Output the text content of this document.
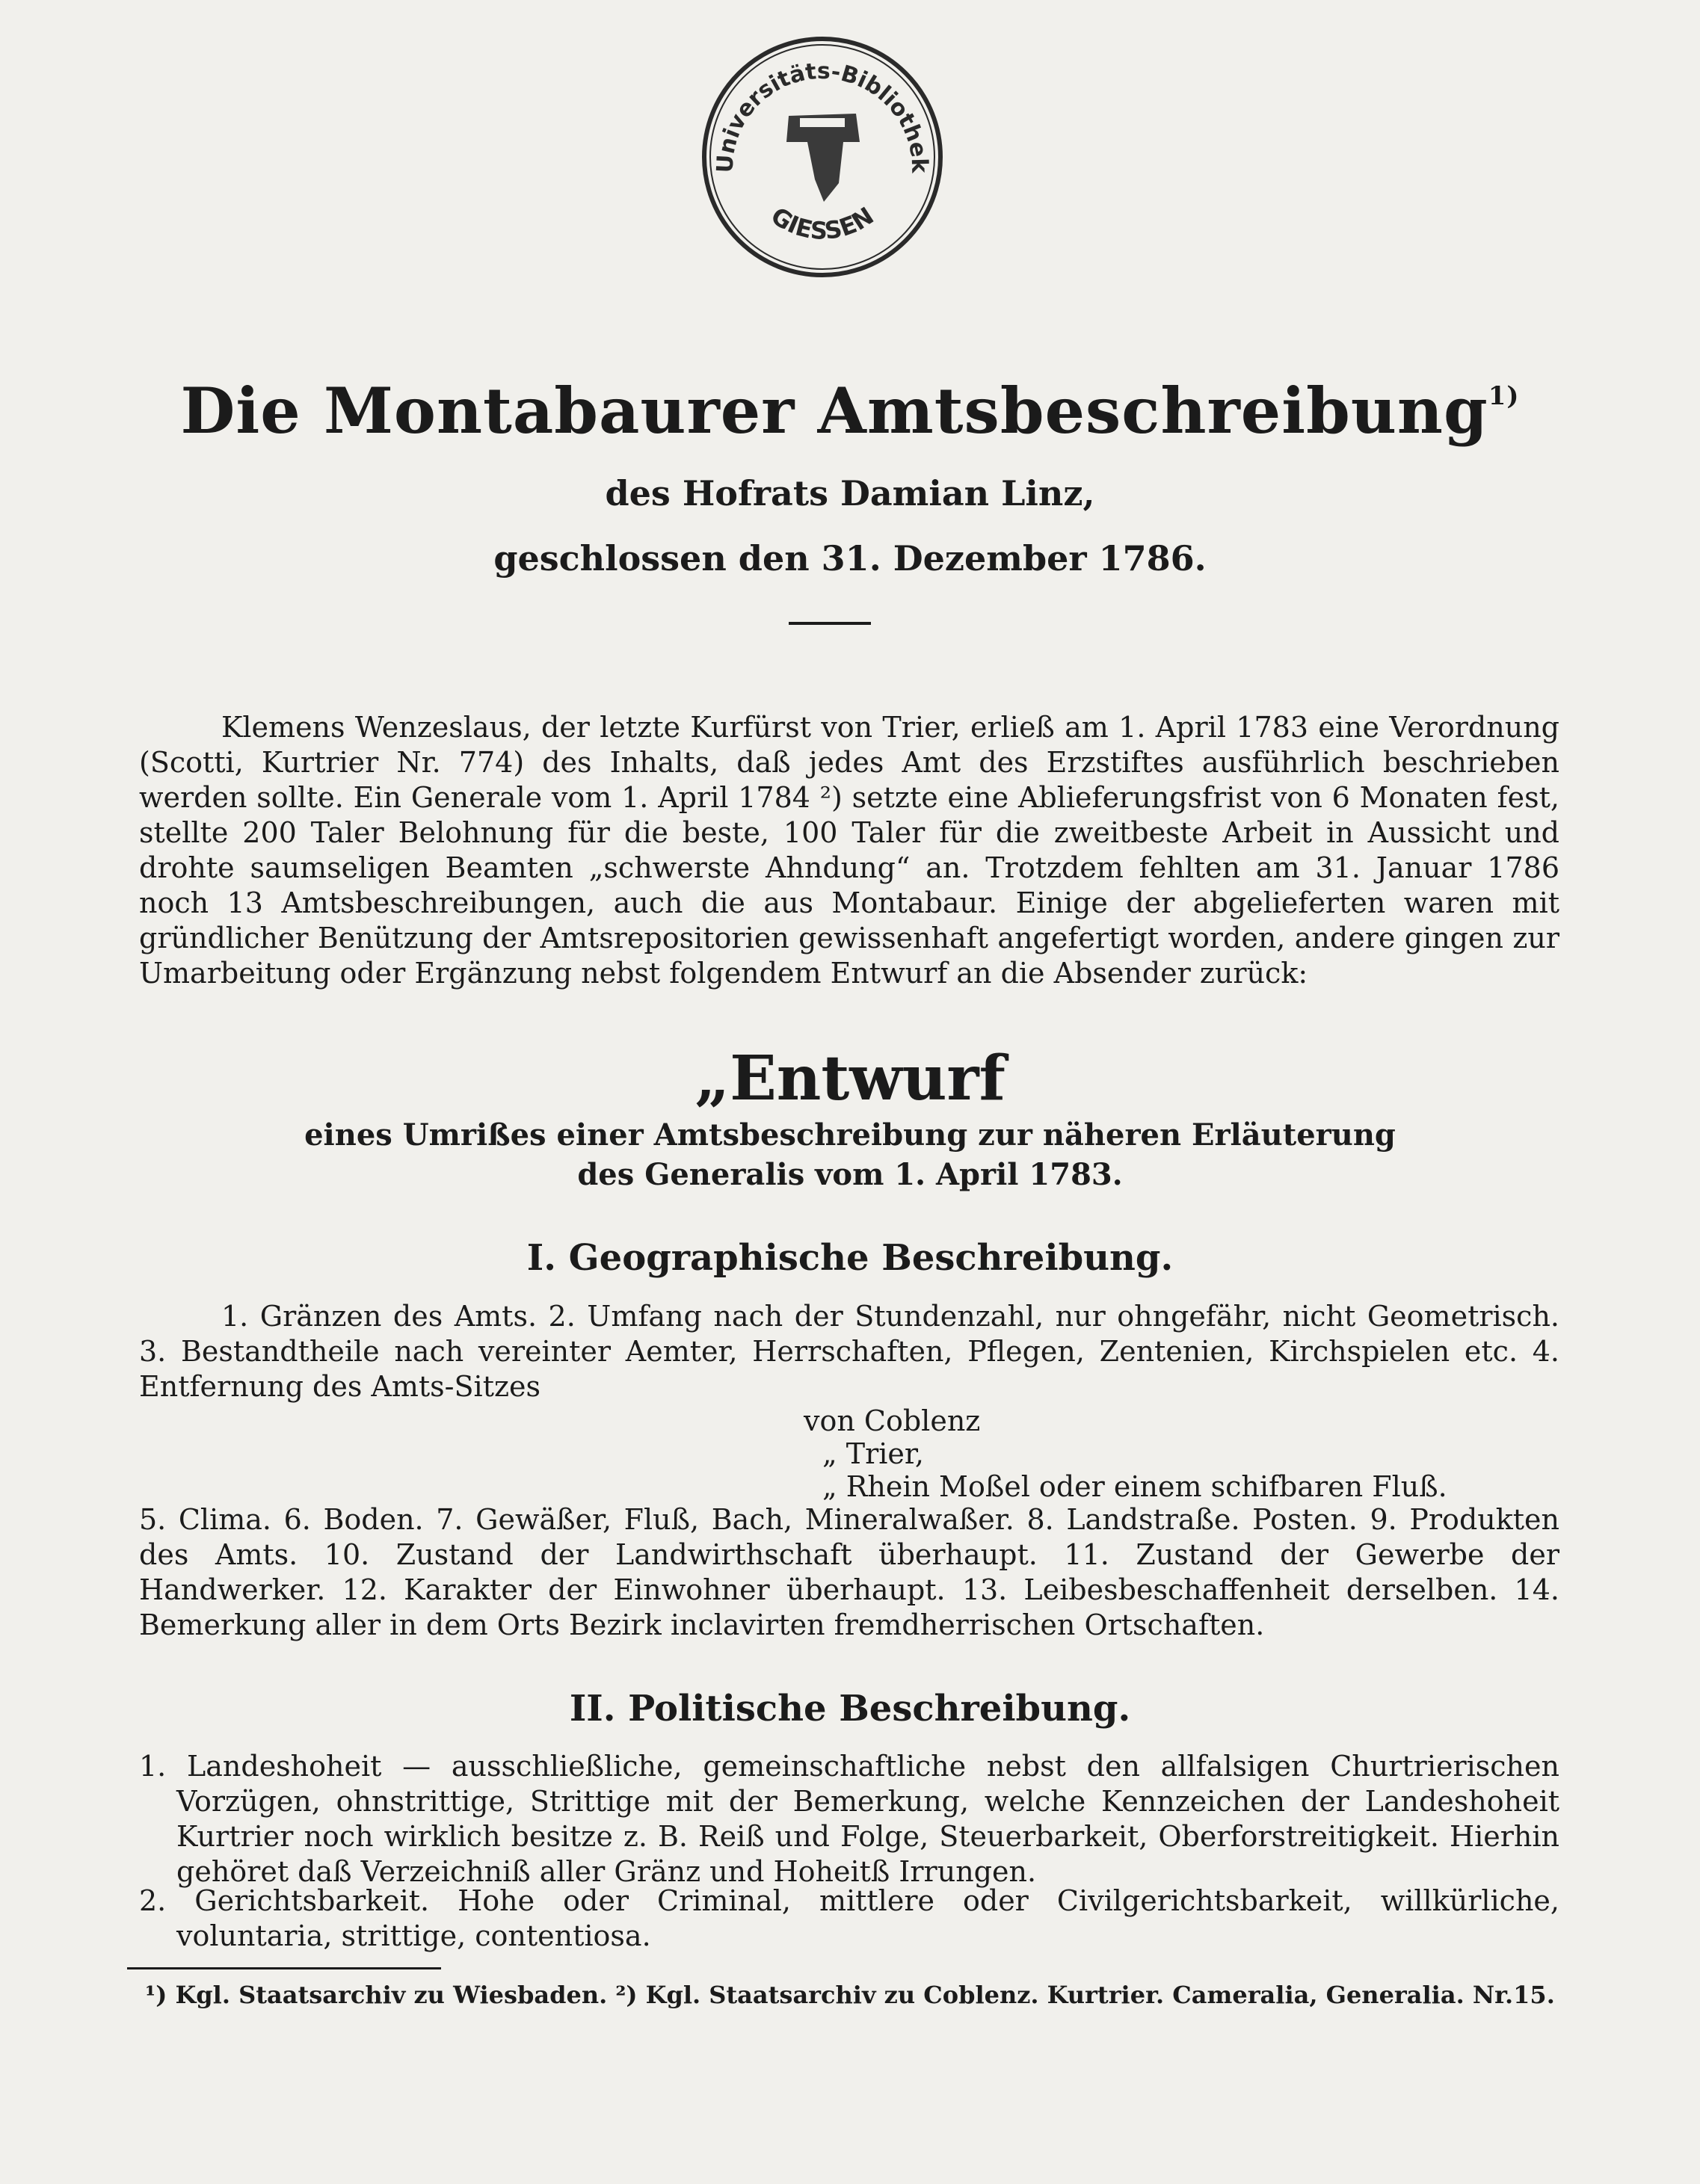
Universitäts-Bibliothek
GIESSEN
Die Montabaurer Amtsbeschreibung$^{1)}$
des Hofrats Damian Linz,
geschlossen den 31. Dezember 1786.

Klemens Wenzeslaus, der letzte Kurfürst von Trier, erließ am 1. April 1783 eine Verordnung (Scotti, Kurtrier Nr. 774) des Inhalts, daß jedes Amt des Erzstiftes ausführlich beschrieben werden sollte. Ein Generale vom 1. April 1784 ²) setzte eine Ablieferungsfrist von 6 Monaten fest, stellte 200 Taler Belohnung für die beste, 100 Taler für die zweitbeste Arbeit in Aussicht und drohte saumseligen Beamten „schwerste Ahndung“ an. Trotzdem fehlten am 31. Januar 1786 noch 13 Amtsbeschreibungen, auch die aus Montabaur. Einige der abgelieferten waren mit gründlicher Benützung der Amtsrepositorien gewissenhaft angefertigt worden, andere gingen zur Umarbeitung oder Ergänzung nebst folgendem Entwurf an die Absender zurück:

„Entwurf
eines Umrißes einer Amtsbeschreibung zur näheren Erläuterung
des Generalis vom 1. April 1783.
I. Geographische Beschreibung.

1. Gränzen des Amts. 2. Umfang nach der Stundenzahl, nur ohngefähr, nicht Geometrisch. 3. Bestandtheile nach vereinter Aemter, Herrschaften, Pflegen, Zentenien, Kirchspielen etc. 4. Entfernung des Amts-Sitzes

von Coblenz
„ Trier,
„ Rhein Moßel oder einem schifbaren Fluß.

5. Clima. 6. Boden. 7. Gewäßer, Fluß, Bach, Mineralwaßer. 8. Landstraße. Posten. 9. Produkten des Amts. 10. Zustand der Landwirthschaft überhaupt. 11. Zustand der Gewerbe der Handwerker. 12. Karakter der Einwohner überhaupt. 13. Leibesbeschaffenheit derselben. 14. Bemerkung aller in dem Orts Bezirk inclavirten fremdherrischen Ortschaften.

II. Politische Beschreibung.

1. Landeshoheit — ausschließliche, gemeinschaftliche nebst den allfalsigen Churtrierischen Vorzügen, ohnstrittige, Strittige mit der Bemerkung, welche Kennzeichen der Landeshoheit Kurtrier noch wirklich besitze z. B. Reiß und Folge, Steuerbarkeit, Oberforstreitigkeit. Hierhin gehöret daß Verzeichniß aller Gränz und Hoheitß Irrungen.

2. Gerichtsbarkeit. Hohe oder Criminal, mittlere oder Civilgerichtsbarkeit, willkürliche, voluntaria, strittige, contentiosa.

¹) Kgl. Staatsarchiv zu Wiesbaden. ²) Kgl. Staatsarchiv zu Coblenz. Kurtrier. Cameralia, Generalia. Nr.15.
